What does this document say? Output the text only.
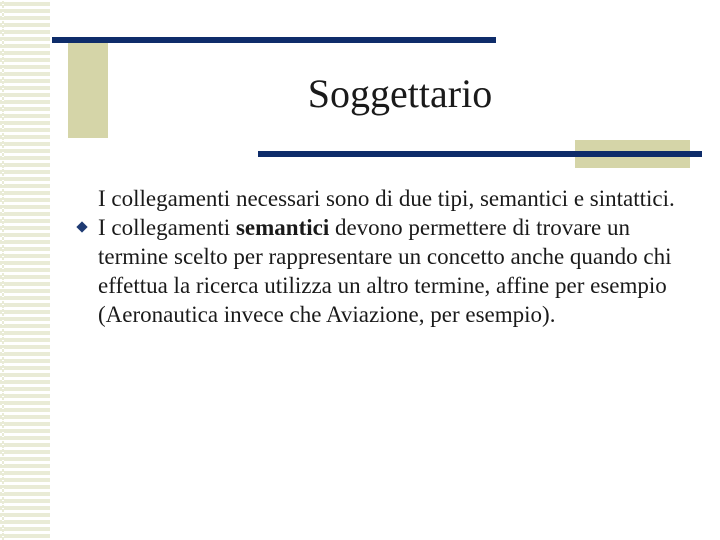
Soggettario

I collegamenti necessari sono di due tipi, semantici e sintattici.

I collegamenti semantici devono permettere di trovare un termine scelto per rappresentare un concetto anche quando chi effettua la ricerca utilizza un altro termine, affine per esempio (Aeronautica invece che Aviazione, per esempio).
